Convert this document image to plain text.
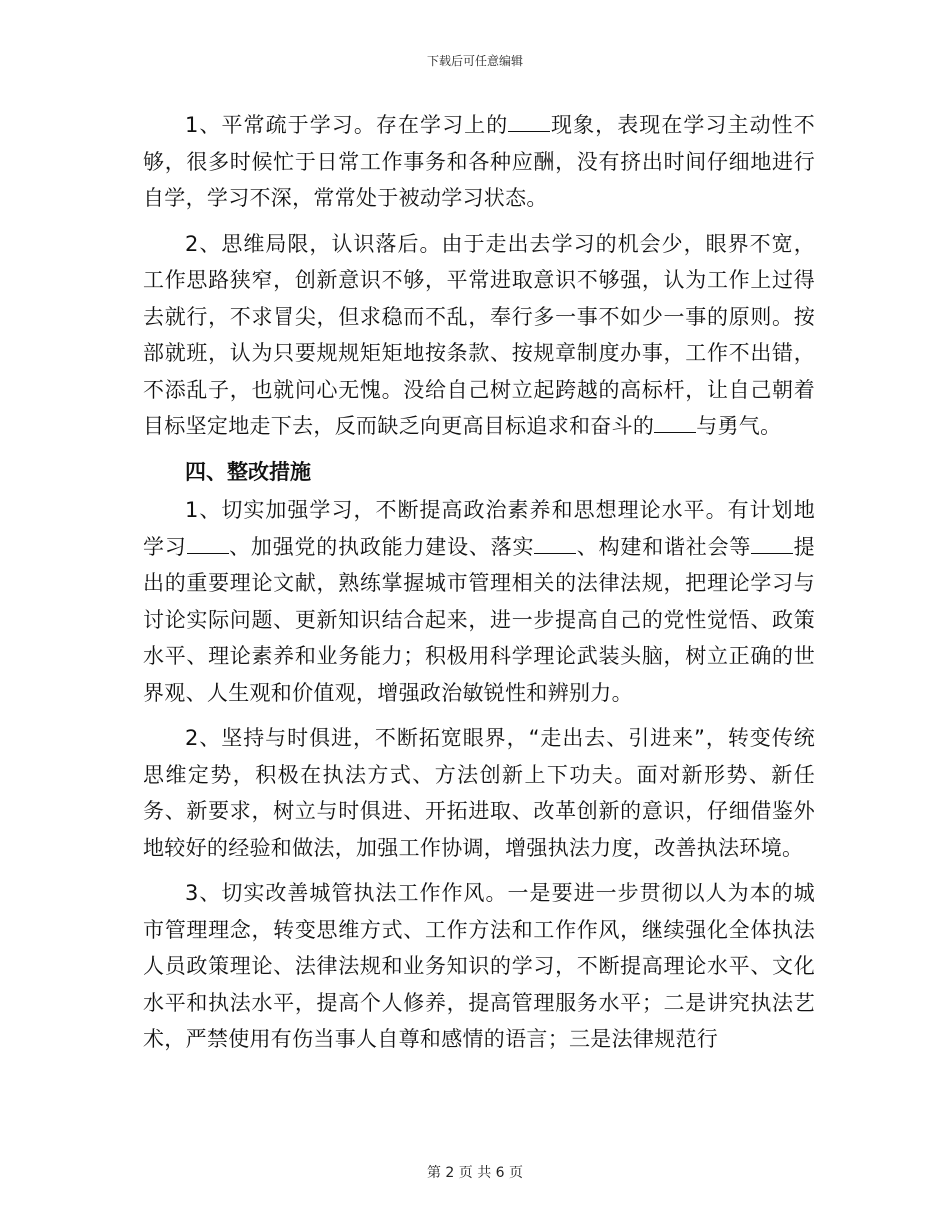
下载后可任意编辑

1、平常疏于学习。存在学习上的 现象，表现在学习主动性不够，很多时候忙于日常工作事务和各种应酬，没有挤出时间仔细地进行自学，学习不深，常常处于被动学习状态。

2、思维局限，认识落后。由于走出去学习的机会少，眼界不宽，工作思路狭窄，创新意识不够，平常进取意识不够强，认为工作上过得去就行，不求冒尖，但求稳而不乱，奉行多一事不如少一事的原则。按部就班，认为只要规规矩矩地按条款、按规章制度办事，工作不出错，不添乱子，也就问心无愧。没给自己树立起跨越的高标杆，让自己朝着目标坚定地走下去，反而缺乏向更高目标追求和奋斗的 与勇气。

四、整改措施

1、切实加强学习，不断提高政治素养和思想理论水平。有计划地学习 、加强党的执政能力建设、落实 、构建和谐社会等 提出的重要理论文献，熟练掌握城市管理相关的法律法规，把理论学习与讨论实际问题、更新知识结合起来，进一步提高自己的党性觉悟、政策水平、理论素养和业务能力；积极用科学理论武装头脑，树立正确的世界观、人生观和价值观，增强政治敏锐性和辨别力。

2、坚持与时俱进，不断拓宽眼界，“走出去、引进来”，转变传统思维定势，积极在执法方式、方法创新上下功夫。面对新形势、新任务、新要求，树立与时俱进、开拓进取、改革创新的意识，仔细借鉴外地较好的经验和做法，加强工作协调，增强执法力度，改善执法环境。

3、切实改善城管执法工作作风。一是要进一步贯彻以人为本的城市管理理念，转变思维方式、工作方法和工作作风，继续强化全体执法人员政策理论、法律法规和业务知识的学习，不断提高理论水平、文化水平和执法水平，提高个人修养，提高管理服务水平；二是讲究执法艺术，严禁使用有伤当事人自尊和感情的语言；三是法律规范行

第 2 页 共 6 页
